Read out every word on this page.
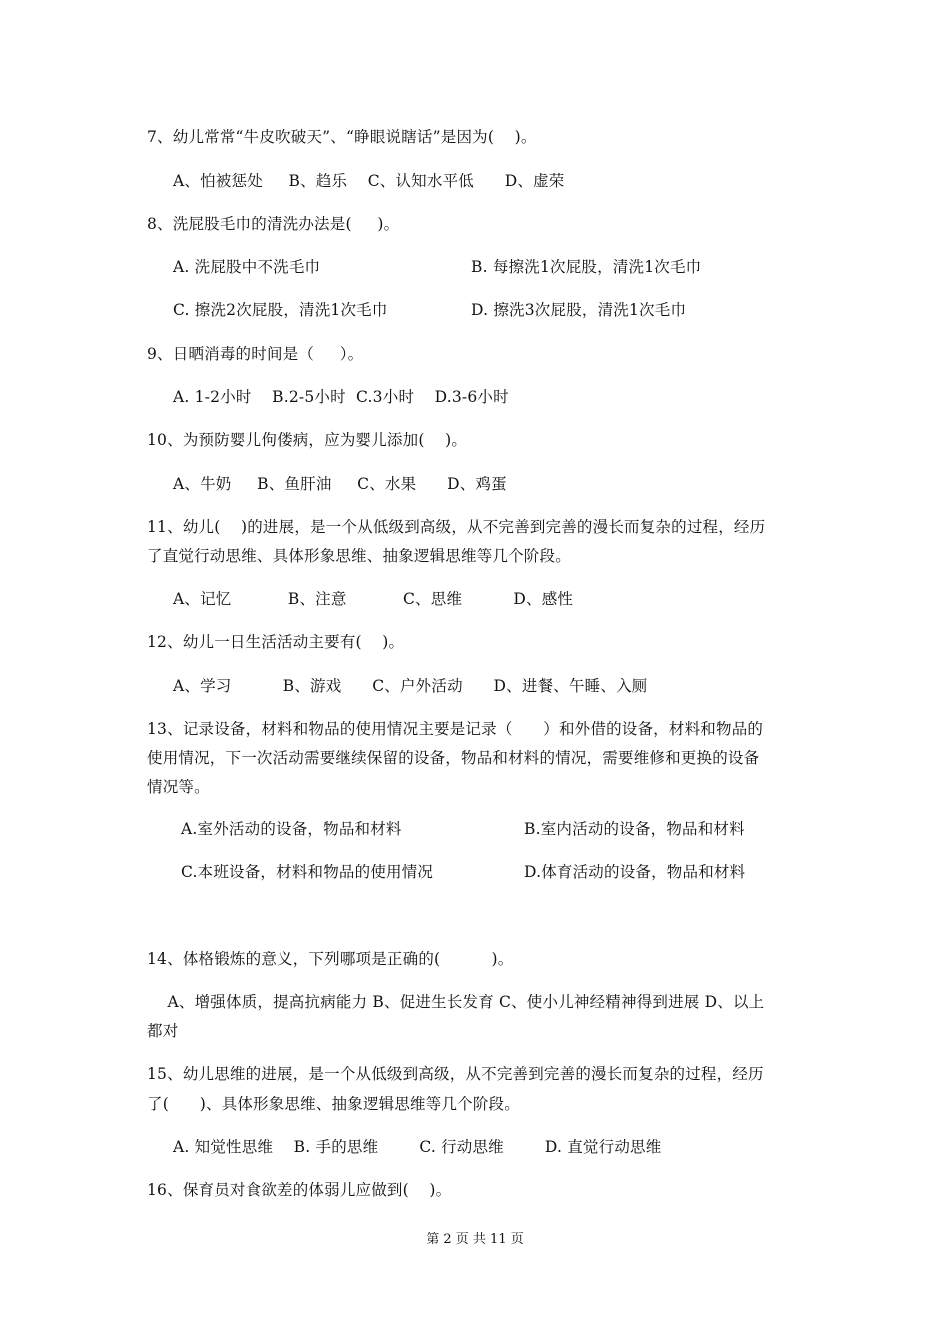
7、幼儿常常“牛皮吹破天”、“睁眼说瞎话”是因为(    )。
A、怕被惩处     B、趋乐    C、认知水平低      D、虚荣
8、洗屁股毛巾的清洗办法是(     )。
A. 洗屁股中不洗毛巾	B. 每擦洗1次屁股，清洗1次毛巾
C. 擦洗2次屁股，清洗1次毛巾	D. 擦洗3次屁股，清洗1次毛巾
9、日晒消毒的时间是（     ）。
A. 1-2小时    B.2-5小时  C.3小时    D.3-6小时
10、为预防婴儿佝偻病，应为婴儿添加(    )。
A、牛奶     B、鱼肝油     C、水果      D、鸡蛋
11、幼儿(    )的进展，是一个从低级到高级，从不完善到完善的漫长而复杂的过程，经历
了直觉行动思维、具体形象思维、抽象逻辑思维等几个阶段。
A、记忆           B、注意           C、思维          D、感性
12、幼儿一日生活活动主要有(    )。
A、学习          B、游戏      C、户外活动      D、进餐、午睡、入厕
13、记录设备，材料和物品的使用情况主要是记录（      ）和外借的设备，材料和物品的
使用情况，下一次活动需要继续保留的设备，物品和材料的情况，需要维修和更换的设备
情况等。
A.室外活动的设备，物品和材料	B.室内活动的设备，物品和材料
C.本班设备，材料和物品的使用情况	D.体育活动的设备，物品和材料
14、体格锻炼的意义，下列哪项是正确的(          )。
A、增强体质，提高抗病能力 B、促进生长发育 C、使小儿神经精神得到进展 D、以上
都对
15、幼儿思维的进展，是一个从低级到高级，从不完善到完善的漫长而复杂的过程，经历
了(      )、具体形象思维、抽象逻辑思维等几个阶段。
A. 知觉性思维    B. 手的思维        C. 行动思维        D. 直觉行动思维
16、保育员对食欲差的体弱儿应做到(    )。
第 2 页 共 11 页
